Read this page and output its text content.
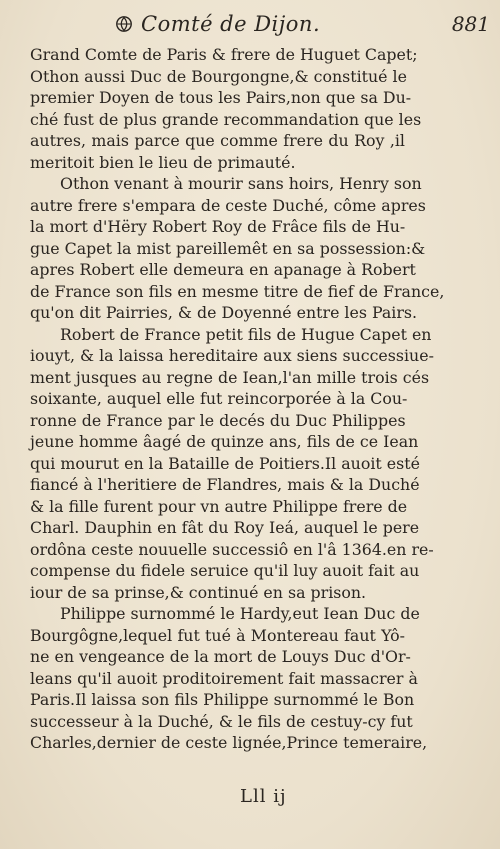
Comté de Dijon.	881
Grand Comte de Paris & frere de Huguet Capet;
Othon aussi Duc de Bourgongne,& constitué le
premier Doyen de tous les Pairs,non que sa Du-
ché fust de plus grande recommandation que les
autres, mais parce que comme frere du Roy ,il
meritoit bien le lieu de primauté.
Othon venant à mourir sans hoirs, Henry son
autre frere s'empara de ceste Duché, côme apres
la mort d'Hëry Robert Roy de Frâce fils de Hu-
gue Capet la mist pareillemêt en sa possession:&
apres Robert elle demeura en apanage à Robert
de France son fils en mesme titre de fief de France,
qu'on dit Pairries, & de Doyenné entre les Pairs.
Robert de France petit fils de Hugue Capet en
iouyt, & la laissa hereditaire aux siens successiue-
ment jusques au regne de Iean,l'an mille trois cés
soixante, auquel elle fut reincorporée à la Cou-
ronne de France par le decés du Duc Philippes
jeune homme âagé de quinze ans, fils de ce Iean
qui mourut en la Bataille de Poitiers.Il auoit esté
fiancé à l'heritiere de Flandres, mais & la Duché
& la fille furent pour vn autre Philippe frere de
Charl. Dauphin en fât du Roy Ieá, auquel le pere
ordôna ceste nouuelle successiô en l'â 1364.en re-
compense du fidele seruice qu'il luy auoit fait au
iour de sa prinse,& continué en sa prison.
Philippe surnommé le Hardy,eut Iean Duc de
Bourgôgne,lequel fut tué à Montereau faut Yô-
ne en vengeance de la mort de Louys Duc d'Or-
leans qu'il auoit proditoirement fait massacrer à
Paris.Il laissa son fils Philippe surnommé le Bon
successeur à la Duché, & le fils de cestuy-cy fut
Charles,dernier de ceste lignée,Prince temeraire,
Lll ij
